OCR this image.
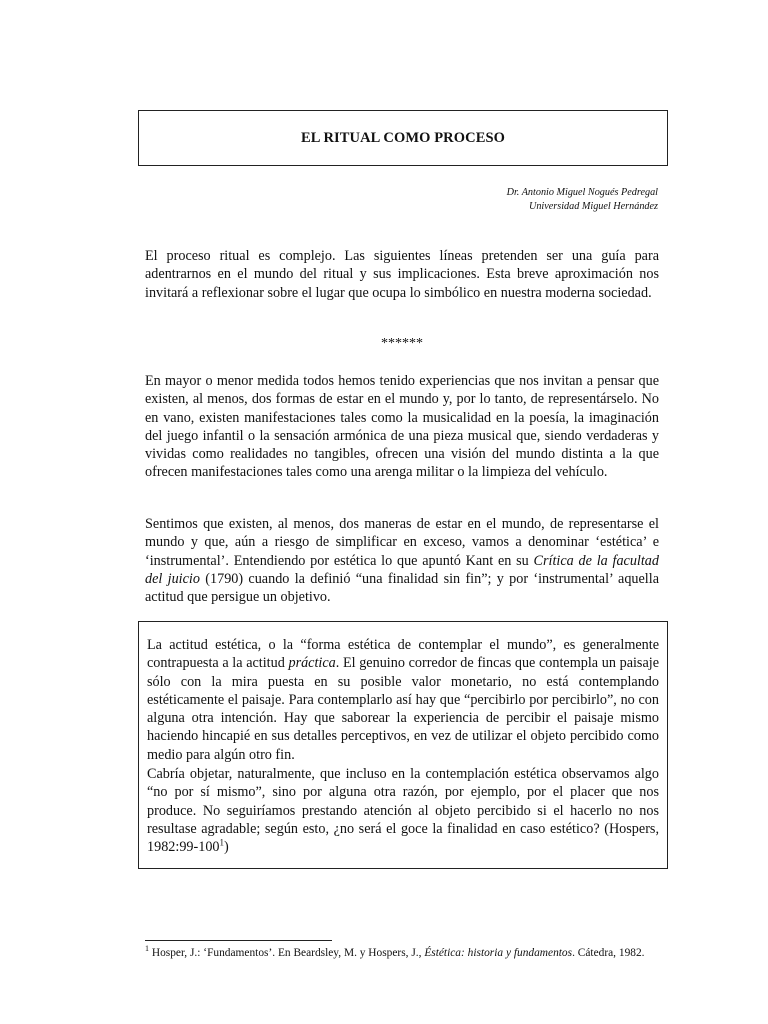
EL RITUAL COMO PROCESO
Dr. Antonio Miguel Nogués Pedregal
Universidad Miguel Hernández

El proceso ritual es complejo. Las siguientes líneas pretenden ser una guía para adentrarnos en el mundo del ritual y sus implicaciones. Esta breve aproximación nos invitará a reflexionar sobre el lugar que ocupa lo simbólico en nuestra moderna sociedad.

******

En mayor o menor medida todos hemos tenido experiencias que nos invitan a pensar que existen, al menos, dos formas de estar en el mundo y, por lo tanto, de representárselo. No en vano, existen manifestaciones tales como la musicalidad en la poesía, la imaginación del juego infantil o la sensación armónica de una pieza musical que, siendo verdaderas y vividas como realidades no tangibles, ofrecen una visión del mundo distinta a la que ofrecen manifestaciones tales como una arenga militar o la limpieza del vehículo.

Sentimos que existen, al menos, dos maneras de estar en el mundo, de representarse el mundo y que, aún a riesgo de simplificar en exceso, vamos a denominar ‘estética’ e ‘instrumental’. Entendiendo por estética lo que apuntó Kant en su Crítica de la facultad del juicio (1790) cuando la definió “una finalidad sin fin”; y por ‘instrumental’ aquella actitud que persigue un objetivo.

La actitud estética, o la “forma estética de contemplar el mundo”, es generalmente contrapuesta a la actitud práctica. El genuino corredor de fincas que contempla un paisaje sólo con la mira puesta en su posible valor monetario, no está contemplando estéticamente el paisaje. Para contemplarlo así hay que “percibirlo por percibirlo”, no con alguna otra intención. Hay que saborear la experiencia de percibir el paisaje mismo haciendo hincapié en sus detalles perceptivos, en vez de utilizar el objeto percibido como medio para algún otro fin.

Cabría objetar, naturalmente, que incluso en la contemplación estética observamos algo “no por sí mismo”, sino por alguna otra razón, por ejemplo, por el placer que nos produce. No seguiríamos prestando atención al objeto percibido si el hacerlo no nos resultase agradable; según esto, ¿no será el goce la finalidad en caso estético? (Hospers, $1982:99-100^1$)

$^1$ Hosper, J.: ‘Fundamentos’. En Beardsley, M. y Hospers, J., Éstética: historia y fundamentos. Cátedra, 1982.
